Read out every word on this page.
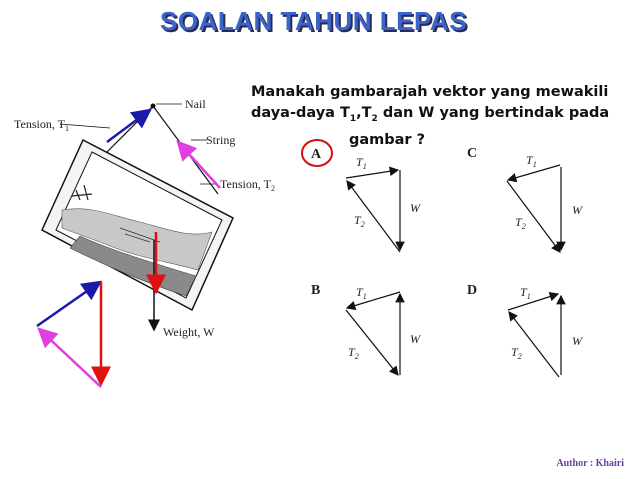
SOALAN TAHUN LEPAS
Manakah gambarajah vektor yang mewakili
daya-daya $T_1,T_2$ dan W yang bertindak pada

gambar ?
Nail
String
Tension, $T_1$
Tension, $T_2$
Weight, W
A	$T_1$
$T_2$
W
C	$T_1$
$T_2$
W
B	$T_1$
$T_2$
W
D	$T_1$
$T_2$
W
Author : Khairi
